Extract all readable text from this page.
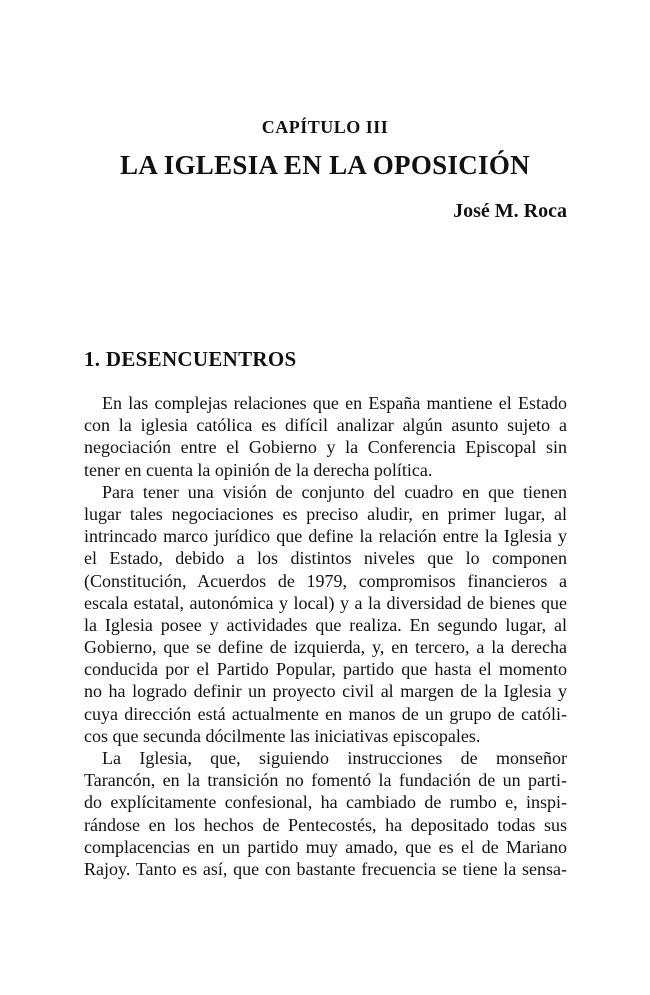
CAPÍTULO III
LA IGLESIA EN LA OPOSICIÓN
José M. Roca
1. DESENCUENTROS
En las complejas relaciones que en España mantiene el Estado
con la iglesia católica es difícil analizar algún asunto sujeto a
negociación entre el Gobierno y la Conferencia Episcopal sin
tener en cuenta la opinión de la derecha política.
Para tener una visión de conjunto del cuadro en que tienen
lugar tales negociaciones es preciso aludir, en primer lugar, al
intrincado marco jurídico que define la relación entre la Iglesia y
el Estado, debido a los distintos niveles que lo componen
(Constitución, Acuerdos de 1979, compromisos financieros a
escala estatal, autonómica y local) y a la diversidad de bienes que
la Iglesia posee y actividades que realiza. En segundo lugar, al
Gobierno, que se define de izquierda, y, en tercero, a la derecha
conducida por el Partido Popular, partido que hasta el momento
no ha logrado definir un proyecto civil al margen de la Iglesia y
cuya dirección está actualmente en manos de un grupo de católi-
cos que secunda dócilmente las iniciativas episcopales.
La Iglesia, que, siguiendo instrucciones de monseñor
Tarancón, en la transición no fomentó la fundación de un parti-
do explícitamente confesional, ha cambiado de rumbo e, inspi-
rándose en los hechos de Pentecostés, ha depositado todas sus
complacencias en un partido muy amado, que es el de Mariano
Rajoy. Tanto es así, que con bastante frecuencia se tiene la sensa-
